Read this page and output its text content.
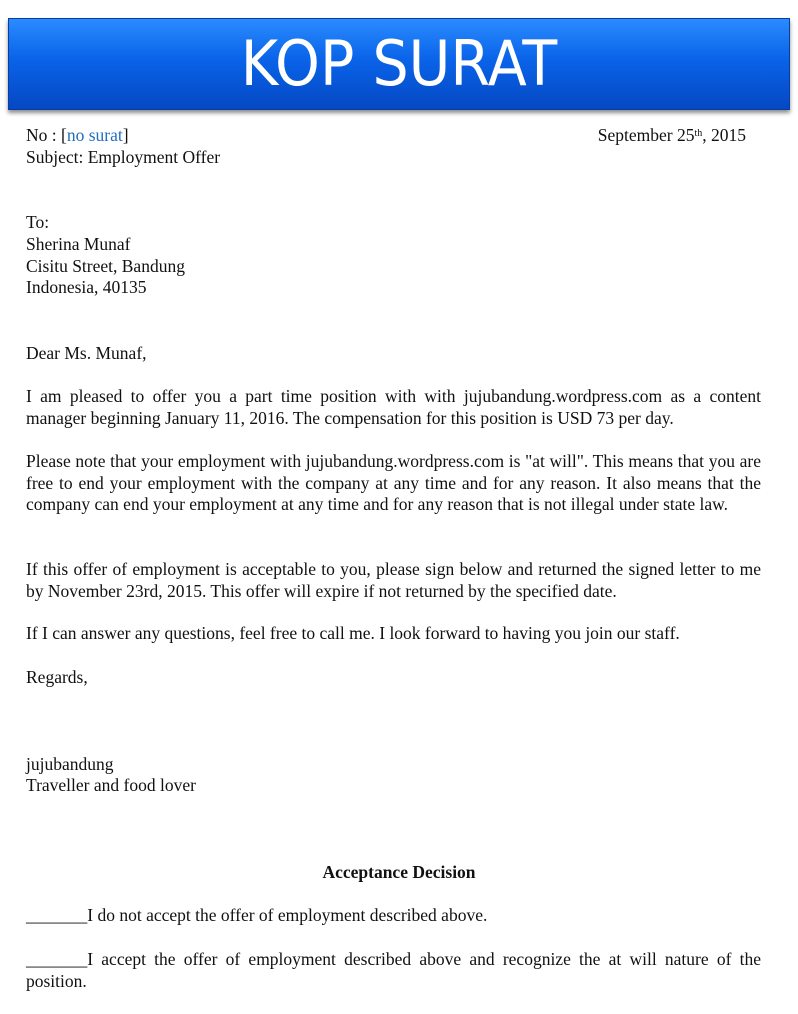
KOP SURAT
No : [no surat]	September 25th, 2015
Subject: Employment Offer
To:
Sherina Munaf
Cisitu Street, Bandung
Indonesia, 40135
Dear Ms. Munaf,
I am pleased to offer you a part time position with with jujubandung.wordpress.com as a content manager beginning January 11, 2016. The compensation for this position is USD 73 per day.
Please note that your employment with jujubandung.wordpress.com is "at will". This means that you are free to end your employment with the company at any time and for any reason. It also means that the company can end your employment at any time and for any reason that is not illegal under state law.
If this offer of employment is acceptable to you, please sign below and returned the signed letter to me by November 23rd, 2015. This offer will expire if not returned by the specified date.
If I can answer any questions, feel free to call me. I look forward to having you join our staff.
Regards,
jujubandung
Traveller and food lover
Acceptance Decision
_______I do not accept the offer of employment described above.
_______I accept the offer of employment described above and recognize the at will nature of the position.
